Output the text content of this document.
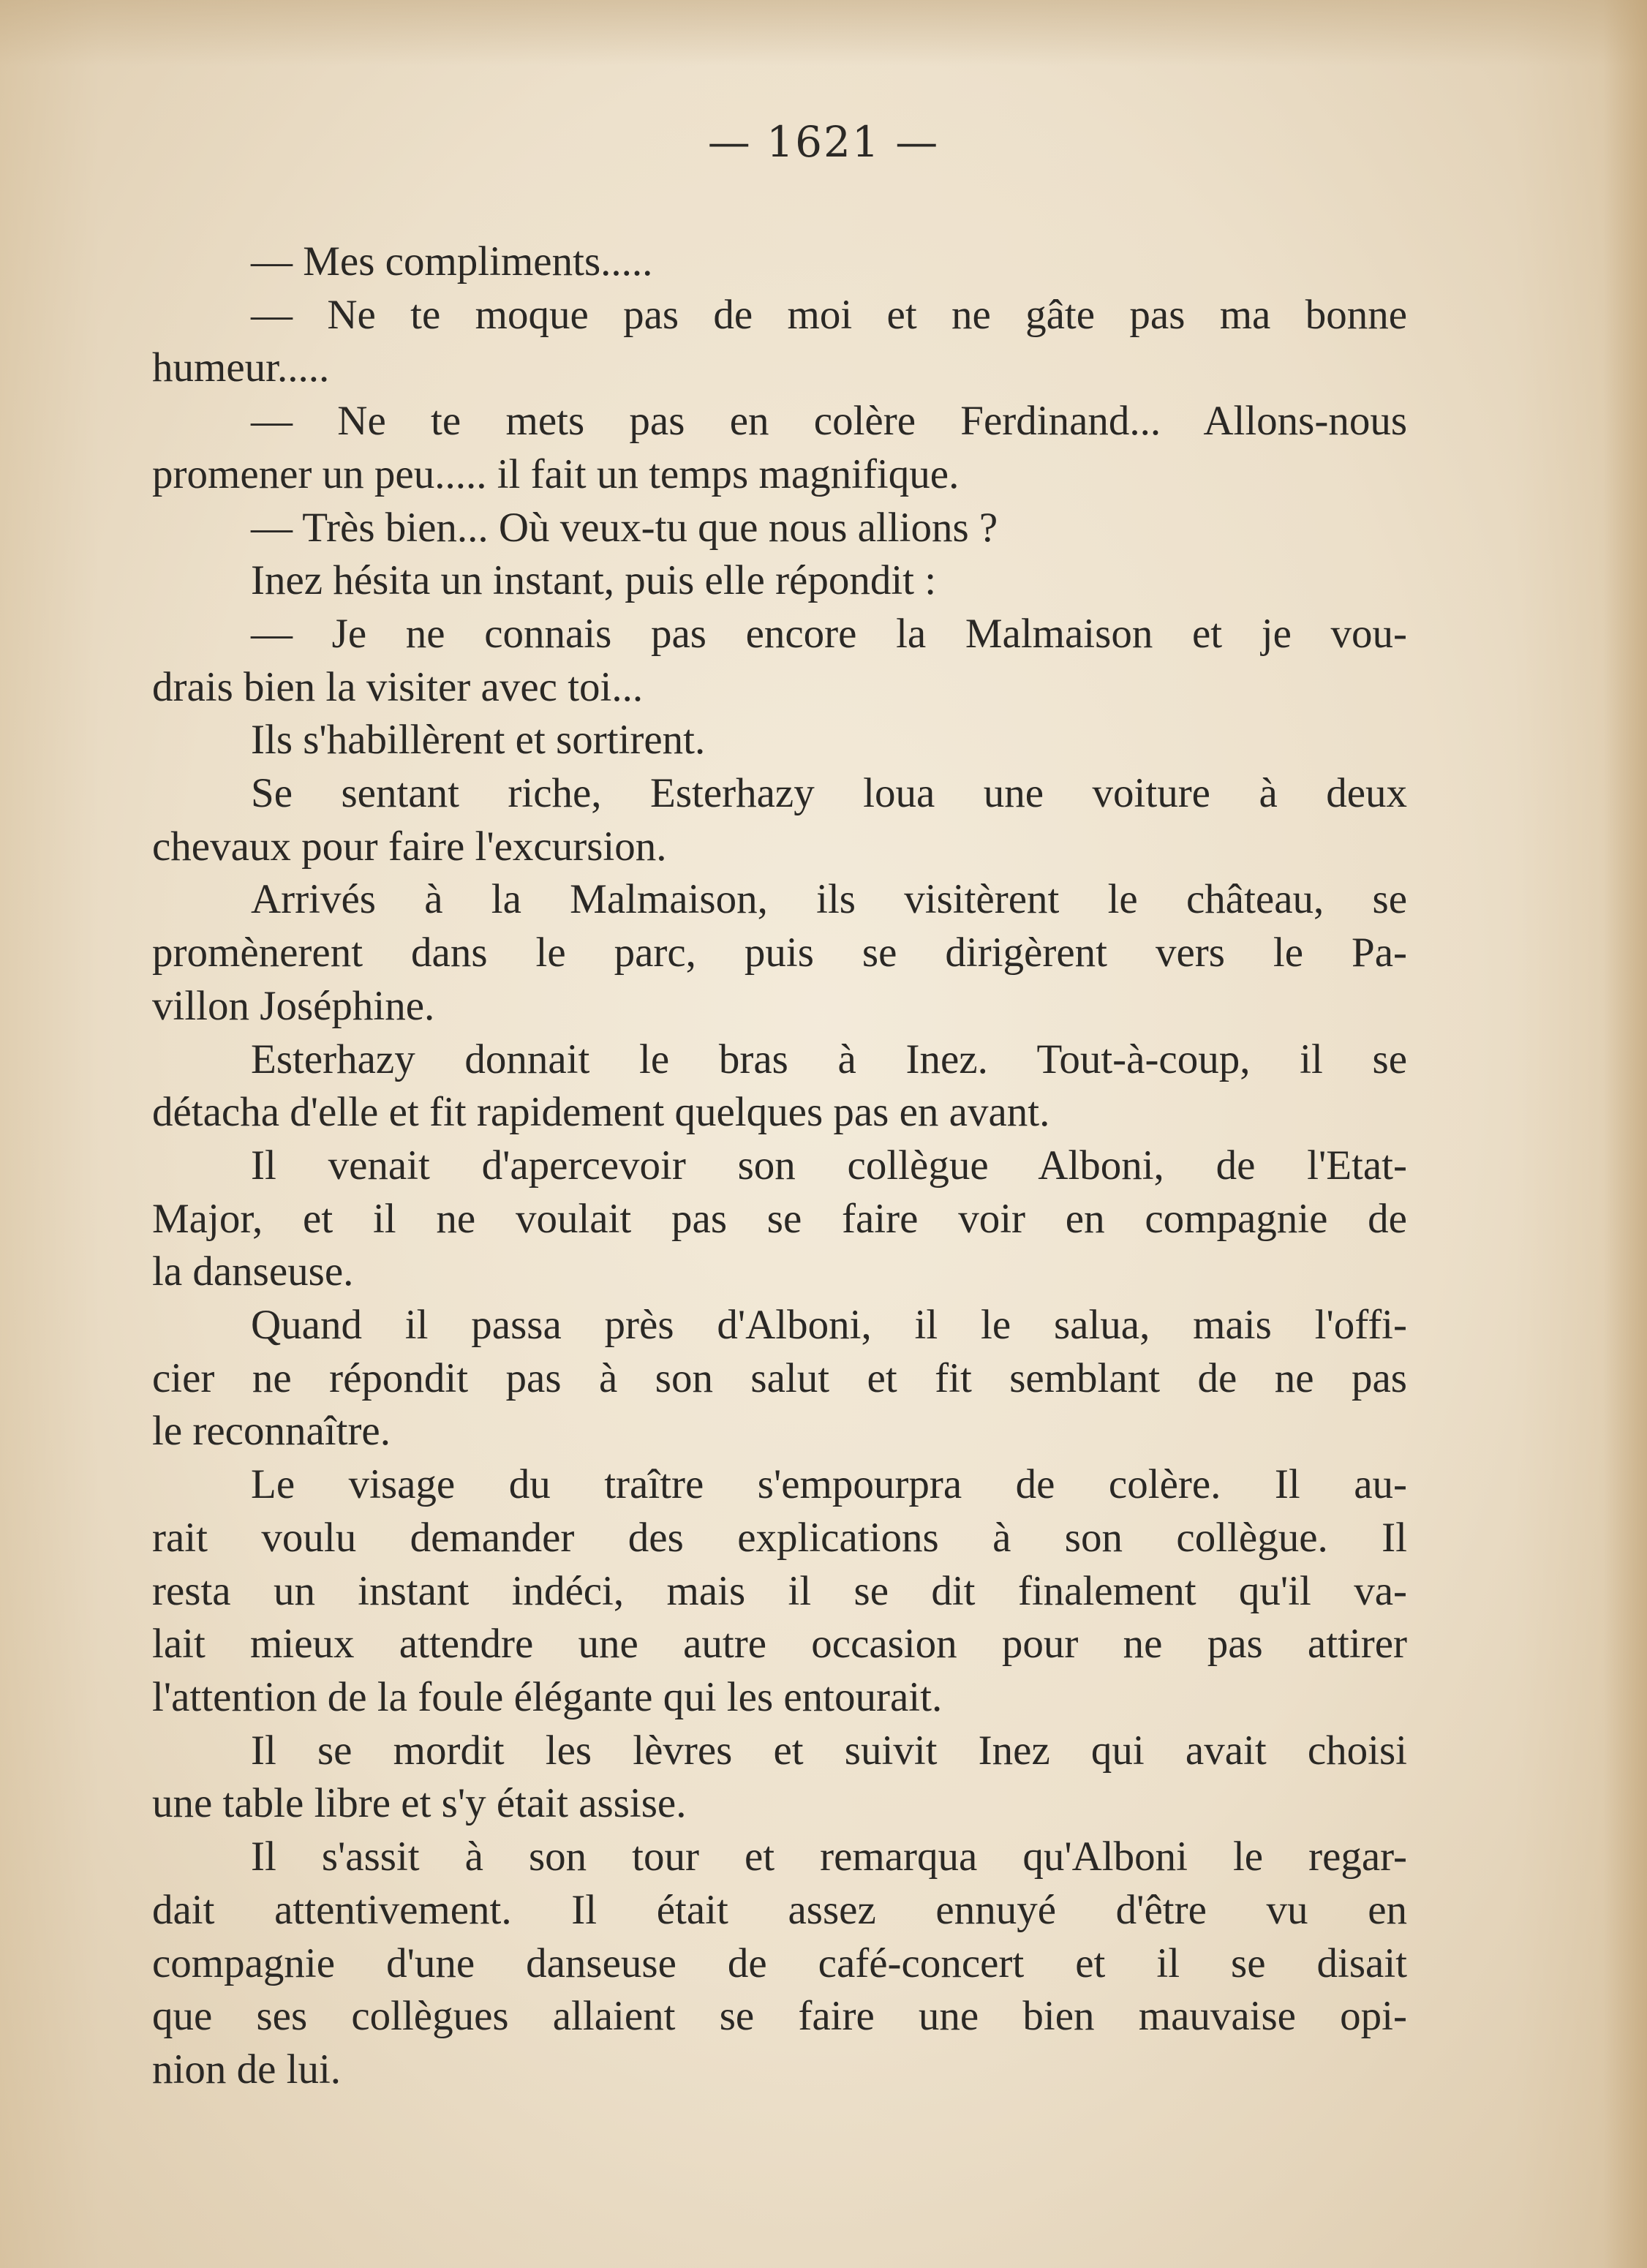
— 1621 —
— Mes compliments.....
— Ne te moque pas de moi et ne gâte pas ma bonne
humeur.....
— Ne te mets pas en colère Ferdinand... Allons-nous
promener un peu..... il fait un temps magnifique.
— Très bien... Où veux-tu que nous allions ?
Inez hésita un instant, puis elle répondit :
— Je ne connais pas encore la Malmaison et je vou-
drais bien la visiter avec toi...
Ils s'habillèrent et sortirent.
Se sentant riche, Esterhazy loua une voiture à deux
chevaux pour faire l'excursion.
Arrivés à la Malmaison, ils visitèrent le château, se
promènerent dans le parc, puis se dirigèrent vers le Pa-
villon Joséphine.
Esterhazy donnait le bras à Inez. Tout-à-coup, il se
détacha d'elle et fit rapidement quelques pas en avant.
Il venait d'apercevoir son collègue Alboni, de l'Etat-
Major, et il ne voulait pas se faire voir en compagnie de
la danseuse.
Quand il passa près d'Alboni, il le salua, mais l'offi-
cier ne répondit pas à son salut et fit semblant de ne pas
le reconnaître.
Le visage du traître s'empourpra de colère. Il au-
rait voulu demander des explications à son collègue. Il
resta un instant indéci, mais il se dit finalement qu'il va-
lait mieux attendre une autre occasion pour ne pas attirer
l'attention de la foule élégante qui les entourait.
Il se mordit les lèvres et suivit Inez qui avait choisi
une table libre et s'y était assise.
Il s'assit à son tour et remarqua qu'Alboni le regar-
dait attentivement. Il était assez ennuyé d'être vu en
compagnie d'une danseuse de café-concert et il se disait
que ses collègues allaient se faire une bien mauvaise opi-
nion de lui.
